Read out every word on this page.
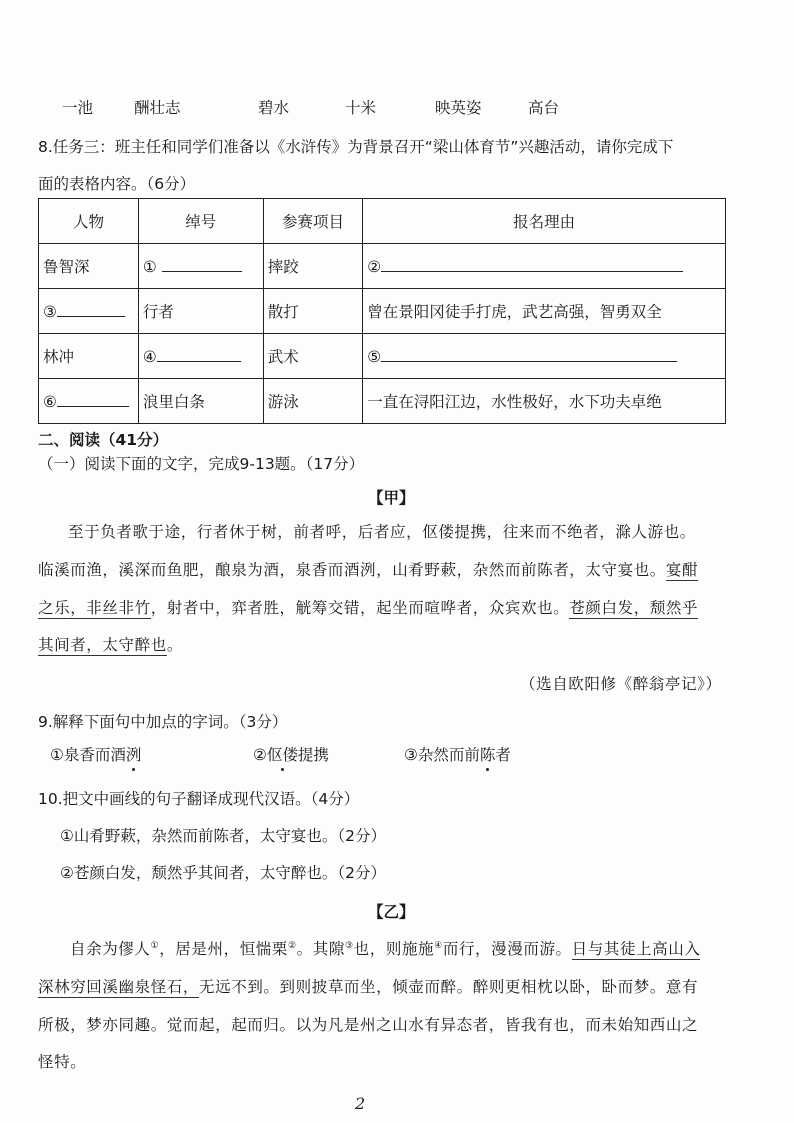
一池	酬壮志	碧水	十米	映英姿	高台
8.任务三：班主任和同学们准备以《水浒传》为背景召开“梁山体育节”兴趣活动，请你完成下
面的表格内容。（6分）
人物	绰号	参赛项目	报名理由
鲁智深	①	摔跤	②
③	行者	散打	曾在景阳冈徒手打虎，武艺高强，智勇双全
林冲	④	武术	⑤
⑥	浪里白条	游泳	一直在浔阳江边，水性极好，水下功夫卓绝
二、阅读（41分）
（一）阅读下面的文字，完成9-13题。（17分）
【甲】
至于负者歌于途，行者休于树，前者呼，后者应，伛偻提携，往来而不绝者，滁人游也。
临溪而渔，溪深而鱼肥，酿泉为酒，泉香而酒洌，山肴野蔌，杂然而前陈者，太守宴也。宴酣
之乐，非丝非竹，射者中，弈者胜，觥筹交错，起坐而喧哗者，众宾欢也。苍颜白发，颓然乎
其间者，太守醉也。
（选自欧阳修《醉翁亭记》）
9.解释下面句中加点的字词。（3分）
①泉香而酒洌	②伛偻提携	③杂然而前陈者
10.把文中画线的句子翻译成现代汉语。（4分）
①山肴野蔌，杂然而前陈者，太守宴也。（2分）
②苍颜白发，颓然乎其间者，太守醉也。（2分）
【乙】
自余为僇人①，居是州，恒惴栗②。其隙③也，则施施④而行，漫漫而游。日与其徒上高山入
深林穷回溪幽泉怪石，无远不到。到则披草而坐，倾壶而醉。醉则更相枕以卧，卧而梦。意有
所极，梦亦同趣。觉而起，起而归。以为凡是州之山水有异态者，皆我有也，而未始知西山之
怪特。
2
